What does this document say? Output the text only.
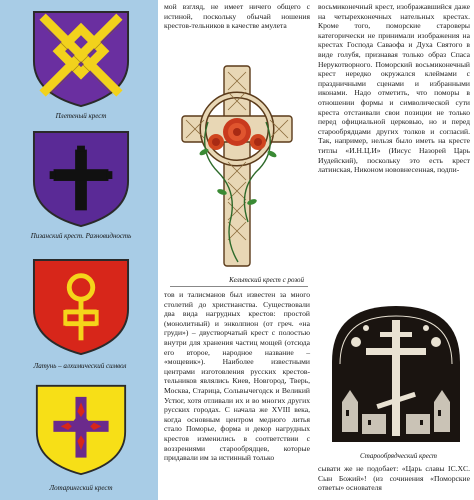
Плетеный крест
Пизанский крест. Разновидность
Латунь – алхимический символ
Лотарингский крест

мой взгляд, не имеет ничего общего с истиной, поскольку обычай ношения крестов-тельников в качестве амулета

Кельтский крест с розой

тов и талисманов был известен за много столетий до христианства. Существовали два вида нагрудных крестов: простой (монолитный) и энколпион (от греч. «на груди») – двустворчатый крест с полостью внутри для хранения частиц мощей (отсюда его второе, народное название – «мощевик»). Наиболее известными центрами изготовления русских крестов-тельников являлись Киев, Новгород, Тверь, Москва, Старица, Сольвычегодск и Великий Устюг, хотя отливали их и во многих других русских городах. С начала же XVIII века, когда основным центром медного литья стало Поморье, форма и декор нагрудных крестов изменились в соответствии с воззрениями старообрядцев, которые придавали им за истинный только

восьмиконечный крест, изображавшийся даже на четырехконечных нательных крестах. Кроме того, поморские староверы категорически не принимали изображения на крестах Господа Саваофа и Духа Святого в виде голубя, признавая только образ Спаса Нерукотворного. Поморский восьмиконечный крест нередко окружался клеймами с праздничными сценами и избранными иконами. Надо отметить, что поморы в отношении формы и символической сути креста отстаивали свои позиции не только перед официальной церковью, но и перед старообрядцами других толков и согласий. Так, например, нельзя было иметь на кресте титлы «И.Н.Ц.И» (Иисус Назорей Царь Иудейский), поскольку это есть крест латинская, Никоном нововнесенная, подпи-

Старообрядческий крест

сывати же не подобает: «Царь славы IC.XC. Сын Божий»! (из сочинения «Поморские ответы» основателя
